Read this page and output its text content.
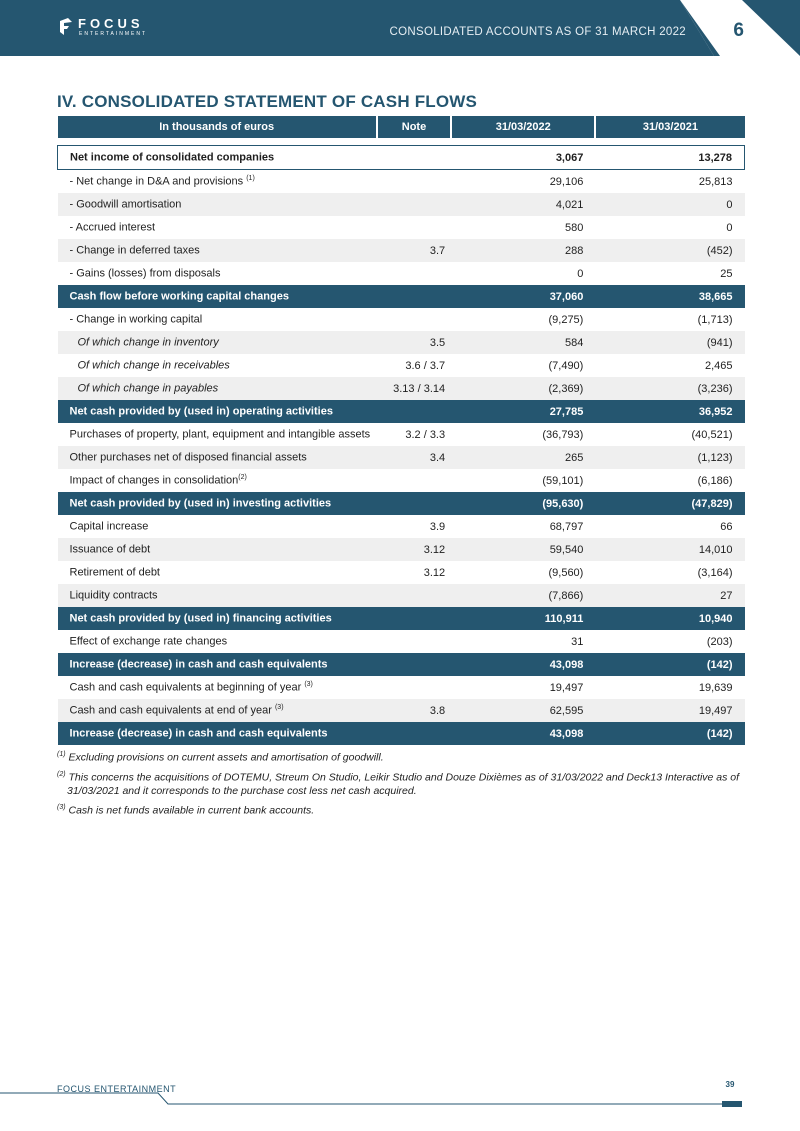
FOCUS
ENTERTAINMENT	CONSOLIDATED ACCOUNTS AS OF 31 MARCH 2022 6
IV. CONSOLIDATED STATEMENT OF CASH FLOWS
In thousands of euros	Note	31/03/2022	31/03/2021

Net income of consolidated companies		3,067	13,278
- Net change in D&A and provisions $^{(1)}$		29,106	25,813
- Goodwill amortisation		4,021	0
- Accrued interest		580	0
- Change in deferred taxes	3.7	288	(452)
- Gains (losses) from disposals		0	25
Cash flow before working capital changes		37,060	38,665
- Change in working capital		(9,275)	(1,713)
Of which change in inventory	3.5	584	(941)
Of which change in receivables	3.6 / 3.7	(7,490)	2,465
Of which change in payables	3.13 / 3.14	(2,369)	(3,236)
Net cash provided by (used in) operating activities		27,785	36,952
Purchases of property, plant, equipment and intangible assets	3.2 / 3.3	(36,793)	(40,521)
Other purchases net of disposed financial assets	3.4	265	(1,123)
Impact of changes in consolidation$^{(2)}$		(59,101)	(6,186)
Net cash provided by (used in) investing activities		(95,630)	(47,829)
Capital increase	3.9	68,797	66
Issuance of debt	3.12	59,540	14,010
Retirement of debt	3.12	(9,560)	(3,164)
Liquidity contracts		(7,866)	27
Net cash provided by (used in) financing activities		110,911	10,940
Effect of exchange rate changes		31	(203)
Increase (decrease) in cash and cash equivalents		43,098	(142)
Cash and cash equivalents at beginning of year $^{(3)}$		19,497	19,639
Cash and cash equivalents at end of year $^{(3)}$	3.8	62,595	19,497
Increase (decrease) in cash and cash equivalents		43,098	(142)

$^{(1)}$ Excluding provisions on current assets and amortisation of goodwill.

$^{(2)}$ This concerns the acquisitions of DOTEMU, Streum On Studio, Leikir Studio and Douze Dixièmes as of 31/03/2022 and Deck13 Interactive as of 31/03/2021 and it corresponds to the purchase cost less net cash acquired.

$^{(3)}$ Cash is net funds available in current bank accounts.

FOCUS ENTERTAINMENT	39
